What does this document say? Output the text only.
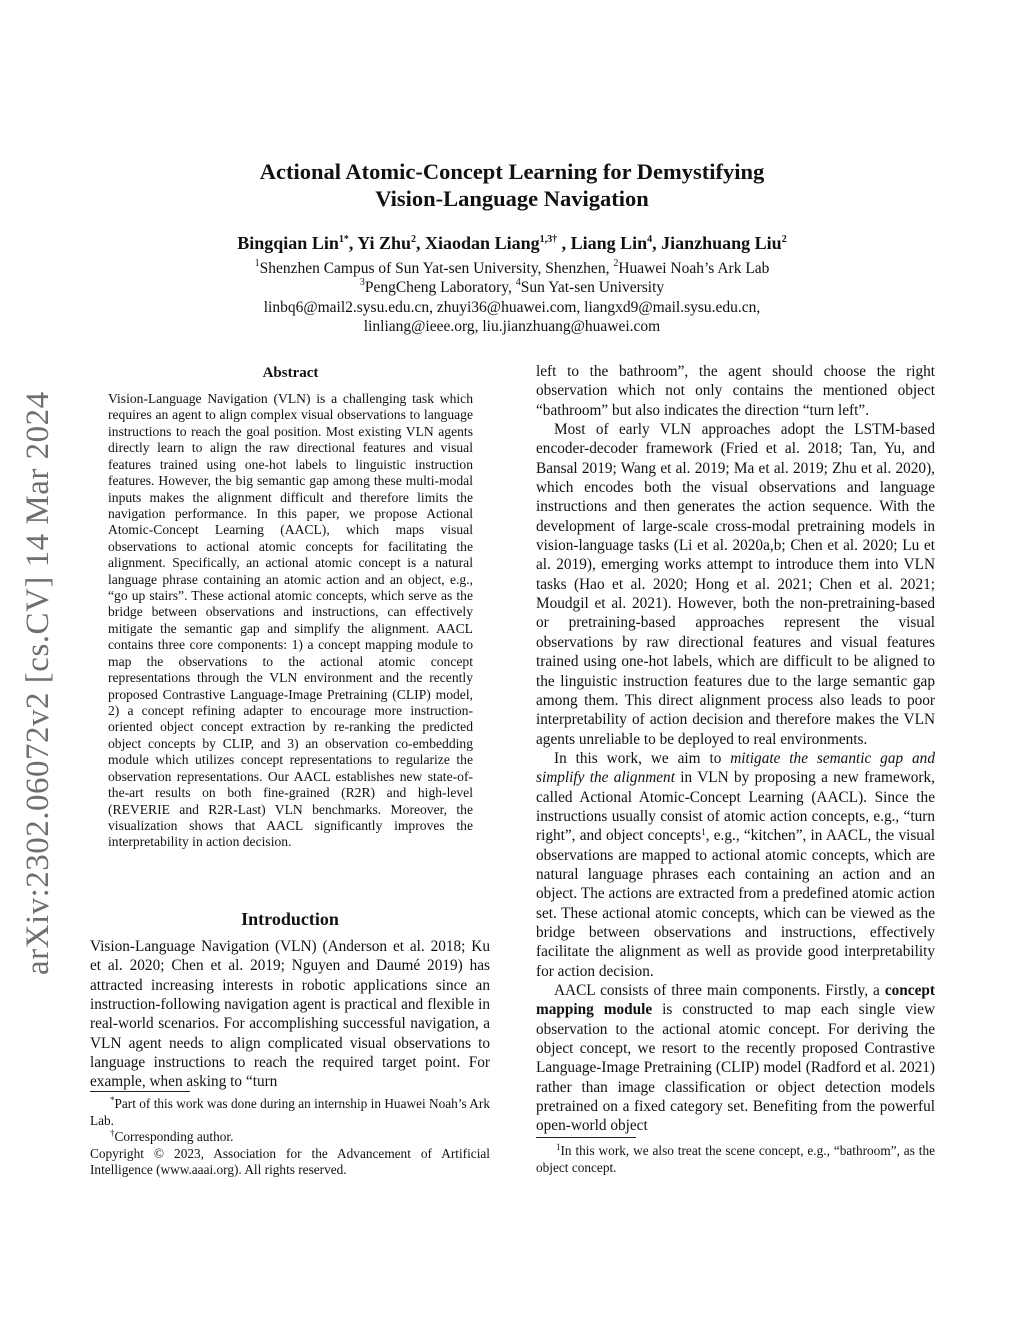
arXiv:2302.06072v2 [cs.CV] 14 Mar 2024
Actional Atomic-Concept Learning for Demystifying
Vision-Language Navigation
Bingqian Lin$^{1*}$, Yi Zhu$^2$, Xiaodan Liang$^{1,3\dagger}$ , Liang Lin$^4$, Jianzhuang Liu$^2$
$^1$Shenzhen Campus of Sun Yat-sen University, Shenzhen, $^2$Huawei Noah’s Ark Lab
$^3$PengCheng Laboratory, $^4$Sun Yat-sen University
linbq6@mail2.sysu.edu.cn, zhuyi36@huawei.com, liangxd9@mail.sysu.edu.cn,
linliang@ieee.org, liu.jianzhuang@huawei.com
Abstract
Vision-Language Navigation (VLN) is a challenging task which requires an agent to align complex visual observations to language instructions to reach the goal position. Most existing VLN agents directly learn to align the raw directional features and visual features trained using one-hot labels to linguistic instruction features. However, the big semantic gap among these multi-modal inputs makes the alignment difficult and therefore limits the navigation performance. In this paper, we propose Actional Atomic-Concept Learning (AACL), which maps visual observations to actional atomic concepts for facilitating the alignment. Specifically, an actional atomic concept is a natural language phrase containing an atomic action and an object, e.g., “go up stairs”. These actional atomic concepts, which serve as the bridge between observations and instructions, can effectively mitigate the semantic gap and simplify the alignment. AACL contains three core components: 1) a concept mapping module to map the observations to the actional atomic concept representations through the VLN environment and the recently proposed Contrastive Language-Image Pretraining (CLIP) model, 2) a concept refining adapter to encourage more instruction-oriented object concept extraction by re-ranking the predicted object concepts by CLIP, and 3) an observation co-embedding module which utilizes concept representations to regularize the observation representations. Our AACL establishes new state-of-the-art results on both fine-grained (R2R) and high-level (REVERIE and R2R-Last) VLN benchmarks. Moreover, the visualization shows that AACL significantly improves the interpretability in action decision.
Introduction
Vision-Language Navigation (VLN) (Anderson et al. 2018; Ku et al. 2020; Chen et al. 2019; Nguyen and Daumé 2019) has attracted increasing interests in robotic applications since an instruction-following navigation agent is practical and flexible in real-world scenarios. For accomplishing successful navigation, a VLN agent needs to align complicated visual observations to language instructions to reach the required target point. For example, when asking to “turn

*Part of this work was done during an internship in Huawei Noah’s Ark Lab.

†Corresponding author.

Copyright © 2023, Association for the Advancement of Artificial Intelligence (www.aaai.org). All rights reserved.

left to the bathroom”, the agent should choose the right observation which not only contains the mentioned object “bathroom” but also indicates the direction “turn left”.

Most of early VLN approaches adopt the LSTM-based encoder-decoder framework (Fried et al. 2018; Tan, Yu, and Bansal 2019; Wang et al. 2019; Ma et al. 2019; Zhu et al. 2020), which encodes both the visual observations and language instructions and then generates the action sequence. With the development of large-scale cross-modal pretraining models in vision-language tasks (Li et al. 2020a,b; Chen et al. 2020; Lu et al. 2019), emerging works attempt to introduce them into VLN tasks (Hao et al. 2020; Hong et al. 2021; Chen et al. 2021; Moudgil et al. 2021). However, both the non-pretraining-based or pretraining-based approaches represent the visual observations by raw directional features and visual features trained using one-hot labels, which are difficult to be aligned to the linguistic instruction features due to the large semantic gap among them. This direct alignment process also leads to poor interpretability of action decision and therefore makes the VLN agents unreliable to be deployed to real environments.

In this work, we aim to mitigate the semantic gap and simplify the alignment in VLN by proposing a new framework, called Actional Atomic-Concept Learning (AACL). Since the instructions usually consist of atomic action concepts, e.g., “turn right”, and object concepts$^1$, e.g., “kitchen”, in AACL, the visual observations are mapped to actional atomic concepts, which are natural language phrases each containing an action and an object. The actions are extracted from a predefined atomic action set. These actional atomic concepts, which can be viewed as the bridge between observations and instructions, effectively facilitate the alignment as well as provide good interpretability for action decision.

AACL consists of three main components. Firstly, a concept mapping module is constructed to map each single view observation to the actional atomic concept. For deriving the object concept, we resort to the recently proposed Contrastive Language-Image Pretraining (CLIP) model (Radford et al. 2021) rather than image classification or object detection models pretrained on a fixed category set. Benefiting from the powerful open-world object

$^1$In this work, we also treat the scene concept, e.g., “bathroom”, as the object concept.
